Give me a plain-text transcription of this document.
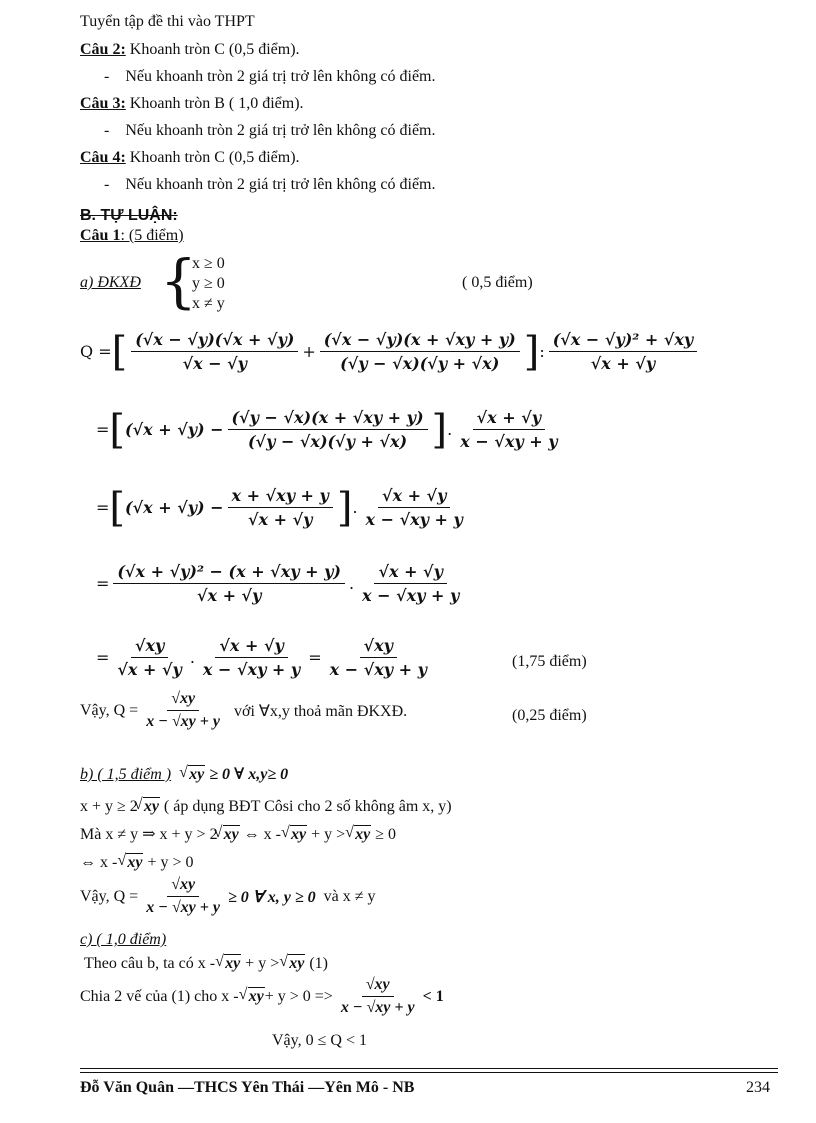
Tuyển tập đề thi vào THPT
Câu 2: Khoanh tròn C (0,5 điểm).
- Nếu khoanh tròn 2 giá trị trở lên không có điểm.
Câu 3: Khoanh tròn B ( 1,0 điểm).
- Nếu khoanh tròn 2 giá trị trở lên không có điểm.
Câu 4: Khoanh tròn C (0,5 điểm).
- Nếu khoanh tròn 2 giá trị trở lên không có điểm.
B. TỰ LUẬN:
Câu 1: (5 điểm)
a) ĐKXĐ {
x ≥ 0
y ≥ 0
x ≠ y
( 0,5 điểm)
Q = [ $\frac{(√x - √y)(√x + √y)}{√x - √y} + \frac{(√x - √y)(x + √xy + y)}{(√y - √x)(√y + √x)}$ ] : $\frac{\text{(√x − √y)² + √xy}}{√x + √y}$
= [ $(√x + √y) - \frac{(√y - √x)(x + √xy + y)}{(√y - √x)(√y + √x)}$ ] . $\frac{√x + √y}{x - √xy + y}$
= [ $(√x + √y) - \frac{x + √xy + y}{√x + √y}$ ] . $\frac{√x + √y}{x - √xy + y}$
= $\frac{\text{(√x + √y)² − (x + √xy + y)}}{√x + √y}$ . $\frac{√x + √y}{x - √xy + y}$
= $\frac{√xy}{√x + √y}$ . $\frac{√x + √y}{x - √xy + y} = \frac{√xy}{x - √xy + y}$	(1,75 điểm)
Vậy, $Q = \frac{√xy}{x - √xy + y}$ với ∀x,y thoả mãn ĐKXĐ.	(0,25 điểm)
b) ( 1,5 điểm ) √ xy ≥ 0 ∀ x,y≥ 0
x + y ≥ 2 √ xy ( áp dụng BĐT Côsi cho 2 số không âm x, y)
Mà x ≠ y ⇒ x + y > 2 √ xy ⇔ x -  √ xy + y >  √ xy ≥ 0
⇔ x -  √ xy + y > 0
Vậy, $Q = \frac{√xy}{x - √xy + y} \ge 0$ ∀ x, y ≥ 0
và x ≠ y
c) ( 1,0 điểm)
Theo câu b, ta có x -  √ xy + y >  √ xy (1)
Chia 2 vế của (1) cho x -
√ xy + $y > 0 => \frac{√xy}{x - √xy + y} < 1$
Vậy, 0 ≤ Q < 1
Đỗ Văn Quân —THCS Yên Thái —Yên Mô - NB	234
